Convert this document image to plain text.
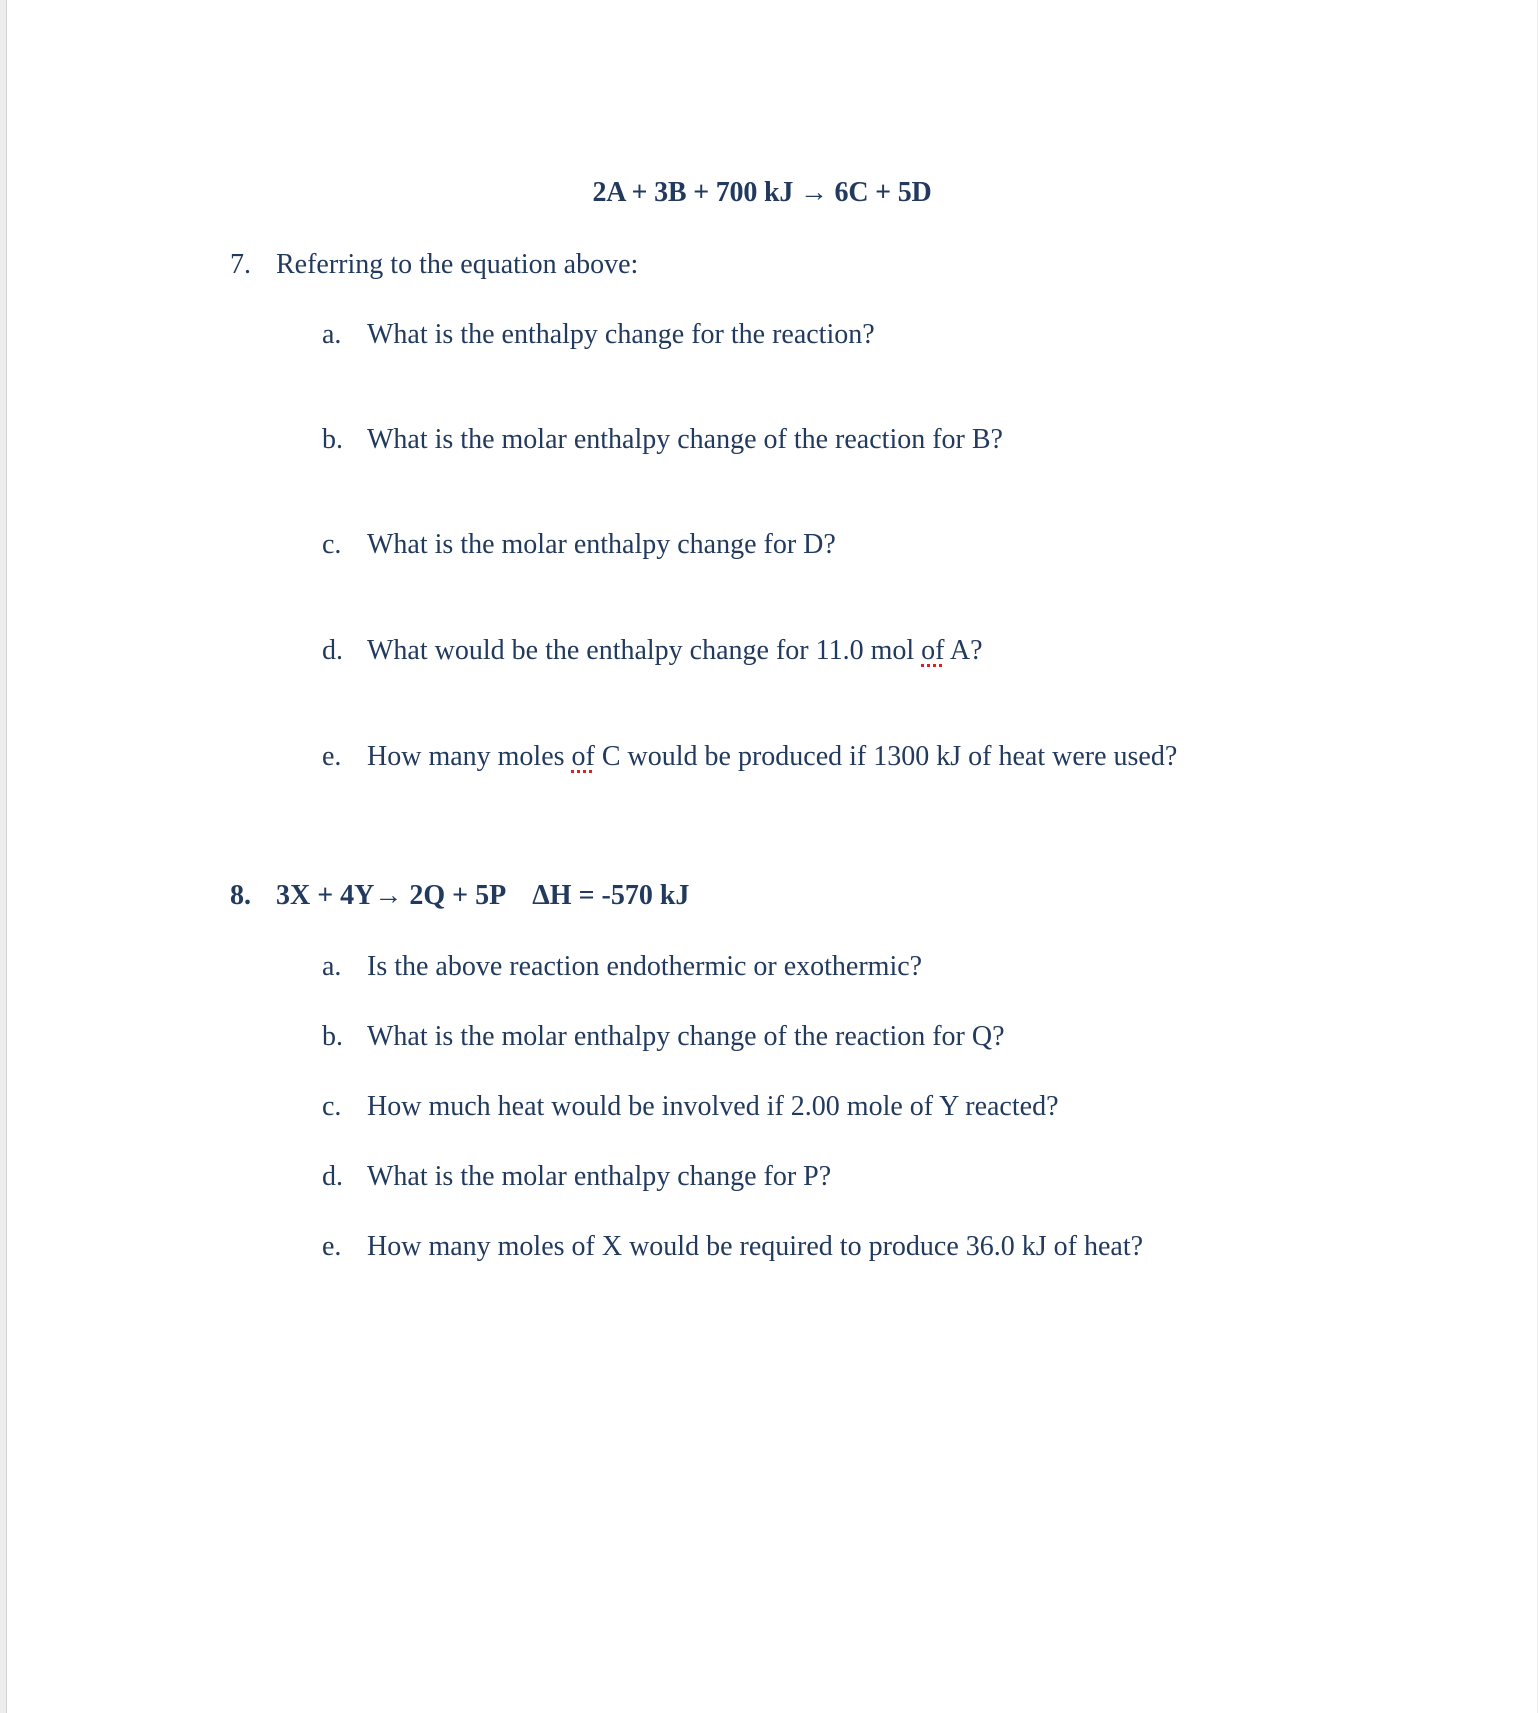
2A + 3B + 700 kJ → 6C + 5D
7. Referring to the equation above:
a. What is the enthalpy change for the reaction?
b. What is the molar enthalpy change of the reaction for B?
c. What is the molar enthalpy change for D?
d. What would be the enthalpy change for 11.0 mol of A?
e. How many moles of C would be produced if 1300 kJ of heat were used?
8. 3X + 4Y→ 2Q + 5P ΔH = -570 kJ
a. Is the above reaction endothermic or exothermic?
b. What is the molar enthalpy change of the reaction for Q?
c. How much heat would be involved if 2.00 mole of Y reacted?
d. What is the molar enthalpy change for P?
e. How many moles of X would be required to produce 36.0 kJ of heat?
